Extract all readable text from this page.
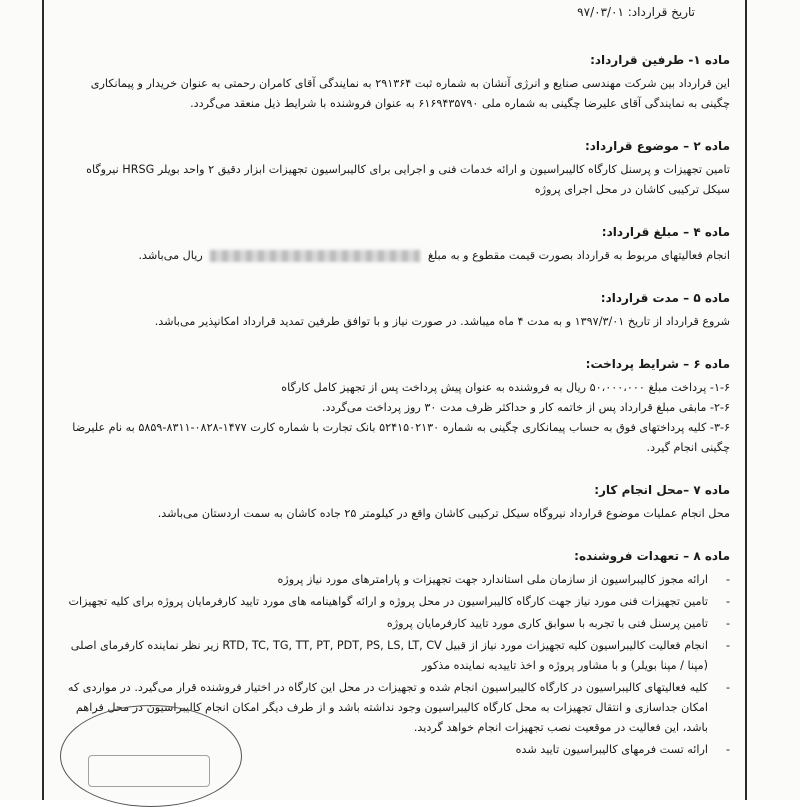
تاریخ قرارداد: ۹۷/۰۳/۰۱

ماده ۱- طرفین قرارداد:

این قرارداد بین شرکت مهندسی صنایع و انرژی آنشان به شماره ثبت ۲۹۱۳۶۴ به نمایندگی آقای کامران رحمتی به عنوان خریدار و پیمانکاری چگینی به نمایندگی آقای علیرضا چگینی به شماره ملی ۶۱۶۹۴۳۵۷۹۰ به عنوان فروشنده با شرایط ذیل منعقد می‌گردد.

ماده ۲ – موضوع قرارداد:

تامین تجهیزات و پرسنل کارگاه کالیبراسیون و ارائه خدمات فنی و اجرایی برای کالیبراسیون تجهیزات ابزار دقیق ۲ واحد بویلر HRSG نیروگاه سیکل ترکیبی کاشان در محل اجرای پروژه

ماده ۴ – مبلغ قرارداد:

انجام فعالیتهای مربوط به قرارداد بصورت قیمت مقطوع و به مبلغ  ریال می‌باشد.

ماده ۵ – مدت قرارداد:

شروع قرارداد از تاریخ ۱۳۹۷/۳/۰۱ و به مدت ۴ ماه میباشد. در صورت نیاز و با توافق طرفین تمدید قرارداد امکانپذیر می‌باشد.

ماده ۶ – شرایط پرداخت:

۱-۶- پرداخت مبلغ ۵۰،۰۰۰،۰۰۰ ریال به فروشنده به عنوان پیش پرداخت پس از تجهیز کامل کارگاه

۲-۶- مابقی مبلغ قرارداد پس از خاتمه کار و حداکثر ظرف مدت ۳۰ روز پرداخت می‌گردد.

۳-۶- کلیه پرداختهای فوق به حساب پیمانکاری چگینی به شماره ۵۲۴۱۵۰۲۱۳۰ بانک تجارت با شماره کارت ۱۴۷۷-۰۸۲۸-۸۳۱۱-۵۸۵۹ به نام علیرضا چگینی انجام گیرد.

ماده ۷ –محل انجام کار:

محل انجام عملیات موضوع قرارداد نیروگاه سیکل ترکیبی کاشان واقع در کیلومتر ۲۵ جاده کاشان به سمت اردستان می‌باشد.

ماده ۸ – تعهدات فروشنده:

-
ارائه مجوز کالیبراسیون از سازمان ملی استاندارد جهت تجهیزات و پارامترهای مورد نیاز پروژه
-
تامین تجهیزات فنی مورد نیاز جهت کارگاه کالیبراسیون در محل پروژه و ارائه گواهینامه های مورد تایید کارفرمایان پروژه برای کلیه تجهیزات
-
تامین پرسنل فنی با تجربه با سوابق کاری مورد تایید کارفرمایان پروژه
-
انجام فعالیت کالیبراسیون کلیه تجهیزات مورد نیاز از قبیل RTD, TC, TG, TT, PT, PDT, PS, LS, LT, CV زیر نظر نماینده کارفرمای اصلی (مپنا / مپنا بویلر) و با مشاور پروژه و اخذ تاییدیه نماینده مذکور
-
کلیه فعالیتهای کالیبراسیون در کارگاه کالیبراسیون انجام شده و تجهیزات در محل این کارگاه در اختیار فروشنده قرار می‌گیرد. در مواردی که امکان جداسازی و انتقال تجهیزات به محل کارگاه کالیبراسیون وجود نداشته باشد و از طرف دیگر امکان انجام کالیبراسیون در محل فراهم باشد، این فعالیت در موقعیت نصب تجهیزات انجام خواهد گردید.
-
ارائه تست فرمهای کالیبراسیون تایید شده
